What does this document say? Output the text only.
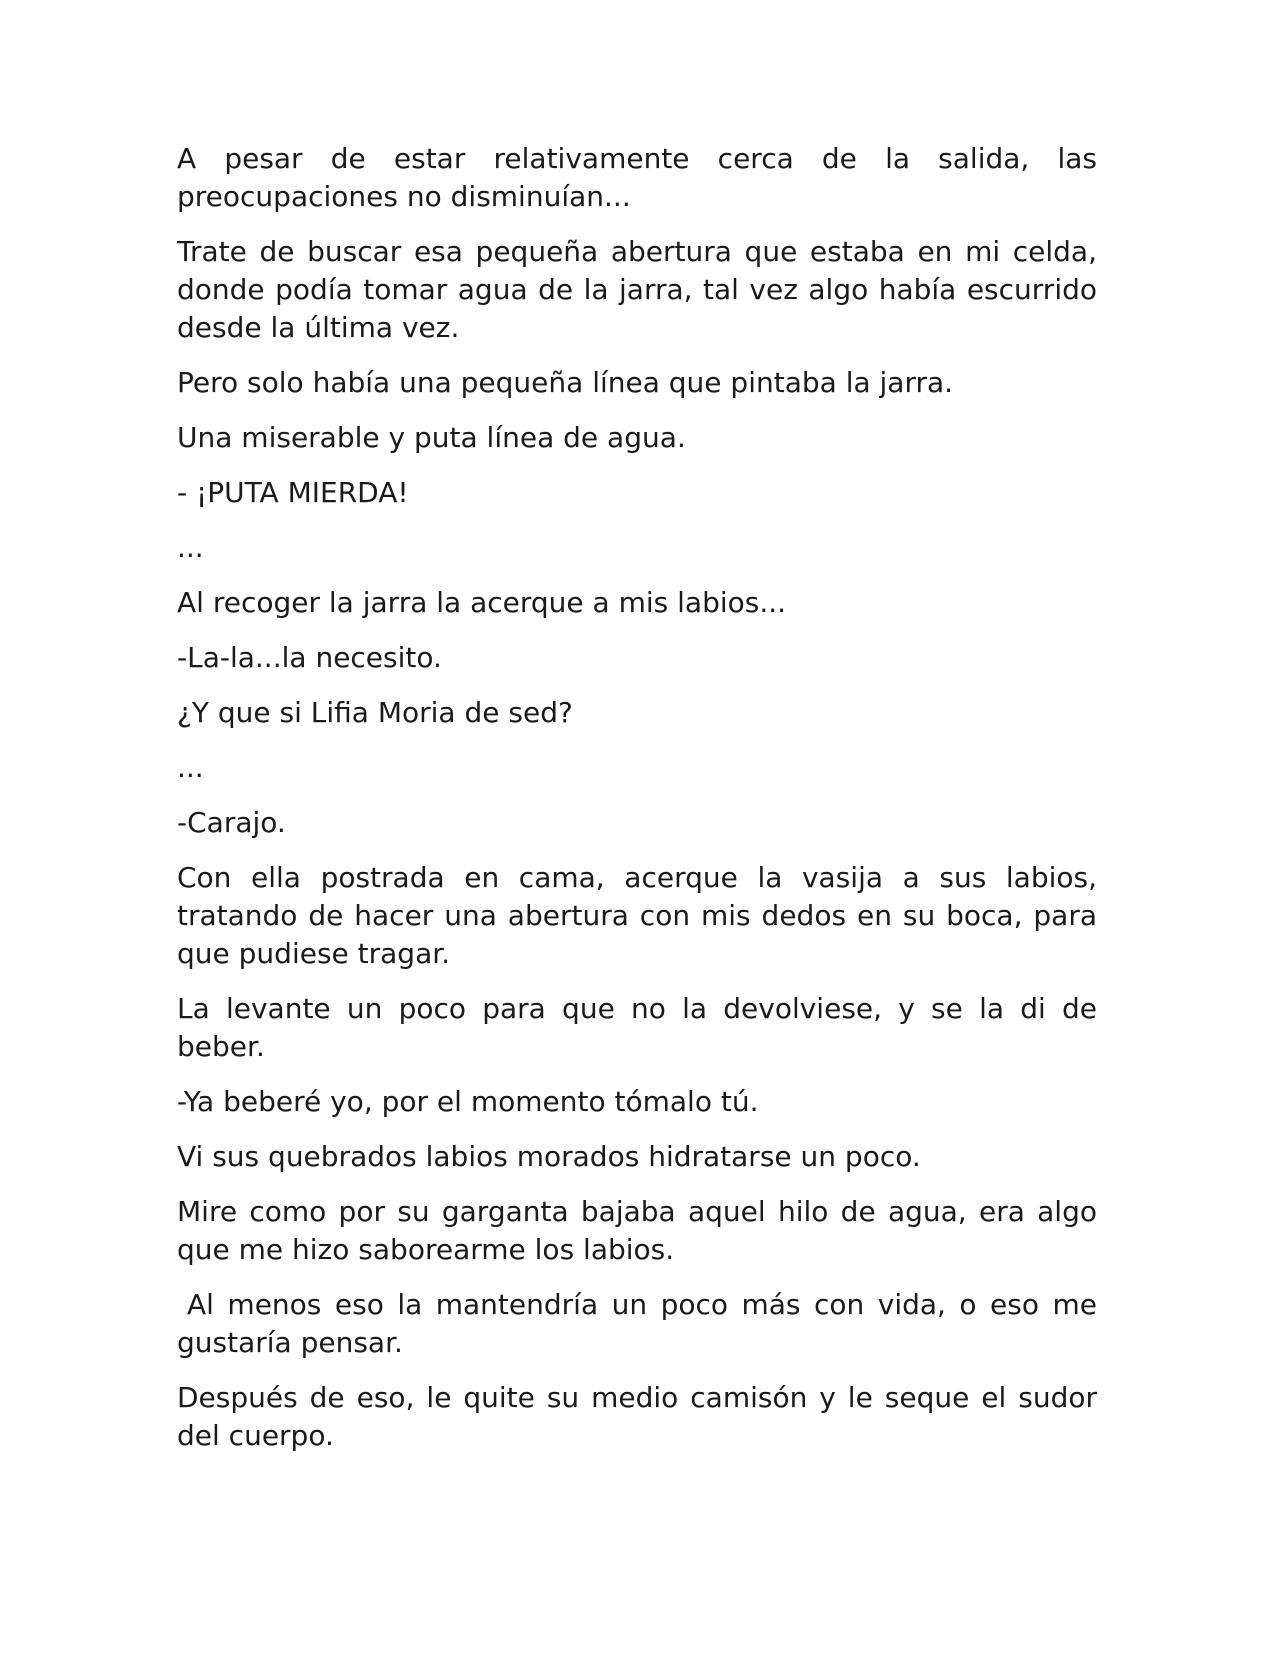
A pesar de estar relativamente cerca de la salida, las preocupaciones no disminuían...

Trate de buscar esa pequeña abertura que estaba en mi celda, donde podía tomar agua de la jarra, tal vez algo había escurrido desde la última vez.

Pero solo había una pequeña línea que pintaba la jarra.

Una miserable y puta línea de agua.

- ¡PUTA MIERDA!

...

Al recoger la jarra la acerque a mis labios...

-La-la...la necesito.

¿Y que si Lifia Moria de sed?

...

-Carajo.

Con ella postrada en cama, acerque la vasija a sus labios, tratando de hacer una abertura con mis dedos en su boca, para que pudiese tragar.

La levante un poco para que no la devolviese, y se la di de beber.

-Ya beberé yo, por el momento tómalo tú.

Vi sus quebrados labios morados hidratarse un poco.

Mire como por su garganta bajaba aquel hilo de agua, era algo que me hizo saborearme los labios.

Al menos eso la mantendría un poco más con vida, o eso me gustaría pensar.

Después de eso, le quite su medio camisón y le seque el sudor del cuerpo.
